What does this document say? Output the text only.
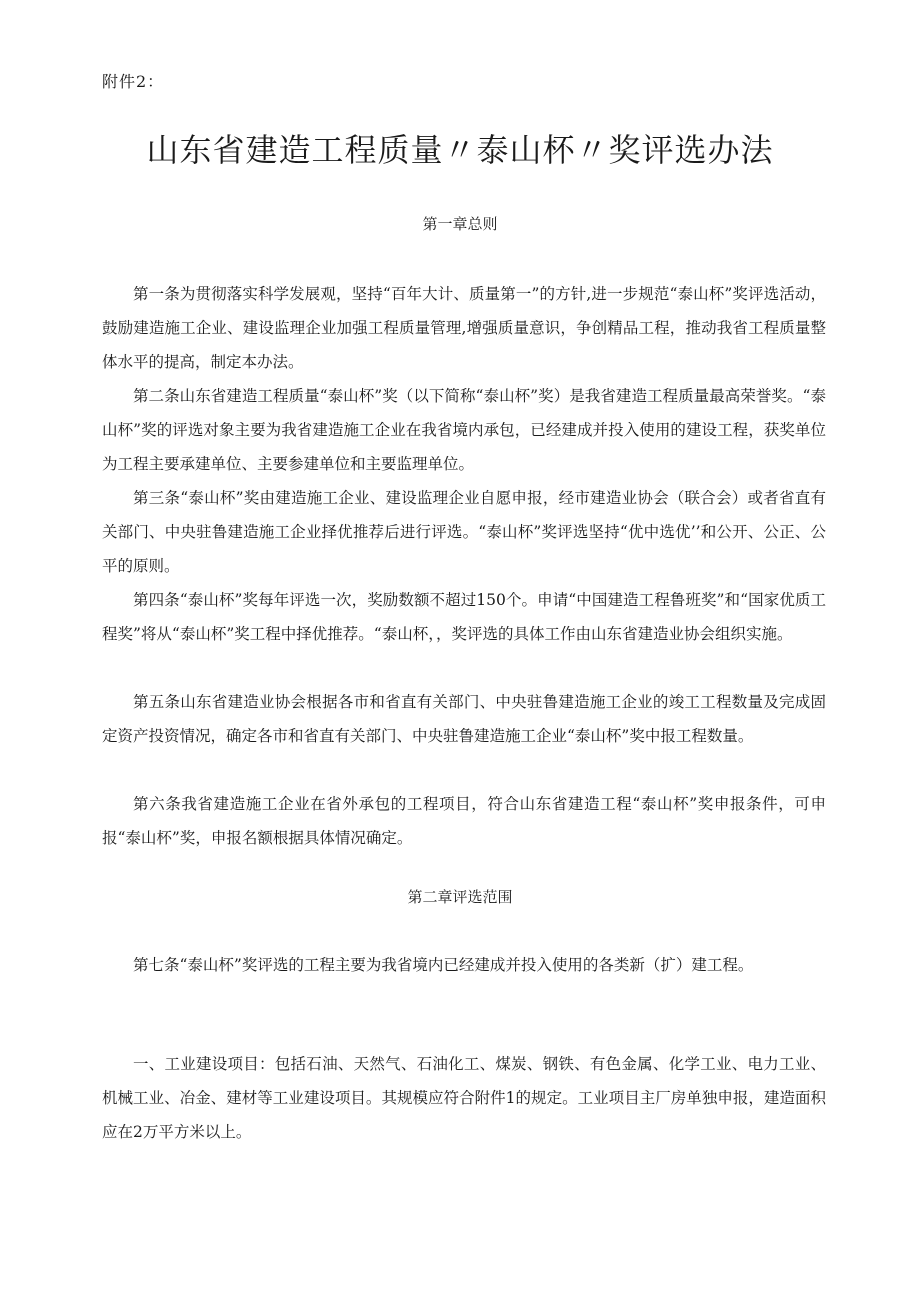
附件2：
山东省建造工程质量〃泰山杯〃奖评选办法
第一章总则

第一条为贯彻落实科学发展观，坚持“百年大计、质量第一”的方针,进一步规范“泰山杯”奖评选活动，鼓励建造施工企业、建设监理企业加强工程质量管理,增强质量意识，争创精品工程，推动我省工程质量整体水平的提高，制定本办法。

第二条山东省建造工程质量“泰山杯”奖（以下简称“泰山杯”奖）是我省建造工程质量最高荣誉奖。“泰山杯”奖的评选对象主要为我省建造施工企业在我省境内承包，已经建成并投入使用的建设工程，获奖单位为工程主要承建单位、主要参建单位和主要监理单位。

第三条“泰山杯”奖由建造施工企业、建设监理企业自愿申报，经市建造业协会（联合会）或者省直有关部门、中央驻鲁建造施工企业择优推荐后进行评选。“泰山杯”奖评选坚持“优中选优’’和公开、公正、公平的原则。

第四条“泰山杯”奖每年评选一次，奖励数额不超过150个。申请“中国建造工程鲁班奖”和“国家优质工程奖”将从“泰山杯”奖工程中择优推荐。“泰山杯，，奖评选的具体工作由山东省建造业协会组织实施。

第五条山东省建造业协会根据各市和省直有关部门、中央驻鲁建造施工企业的竣工工程数量及完成固定资产投资情况，确定各市和省直有关部门、中央驻鲁建造施工企业“泰山杯”奖中报工程数量。

第六条我省建造施工企业在省外承包的工程项目，符合山东省建造工程“泰山杯”奖申报条件，可申报“泰山杯”奖，申报名额根据具体情况确定。

第二章评选范围

第七条“泰山杯”奖评选的工程主要为我省境内已经建成并投入使用的各类新（扩）建工程。

一、工业建设项目：包括石油、天然气、石油化工、煤炭、钢铁、有色金属、化学工业、电力工业、机械工业、冶金、建材等工业建设项目。其规模应符合附件1的规定。工业项目主厂房单独申报，建造面积应在2万平方米以上。
